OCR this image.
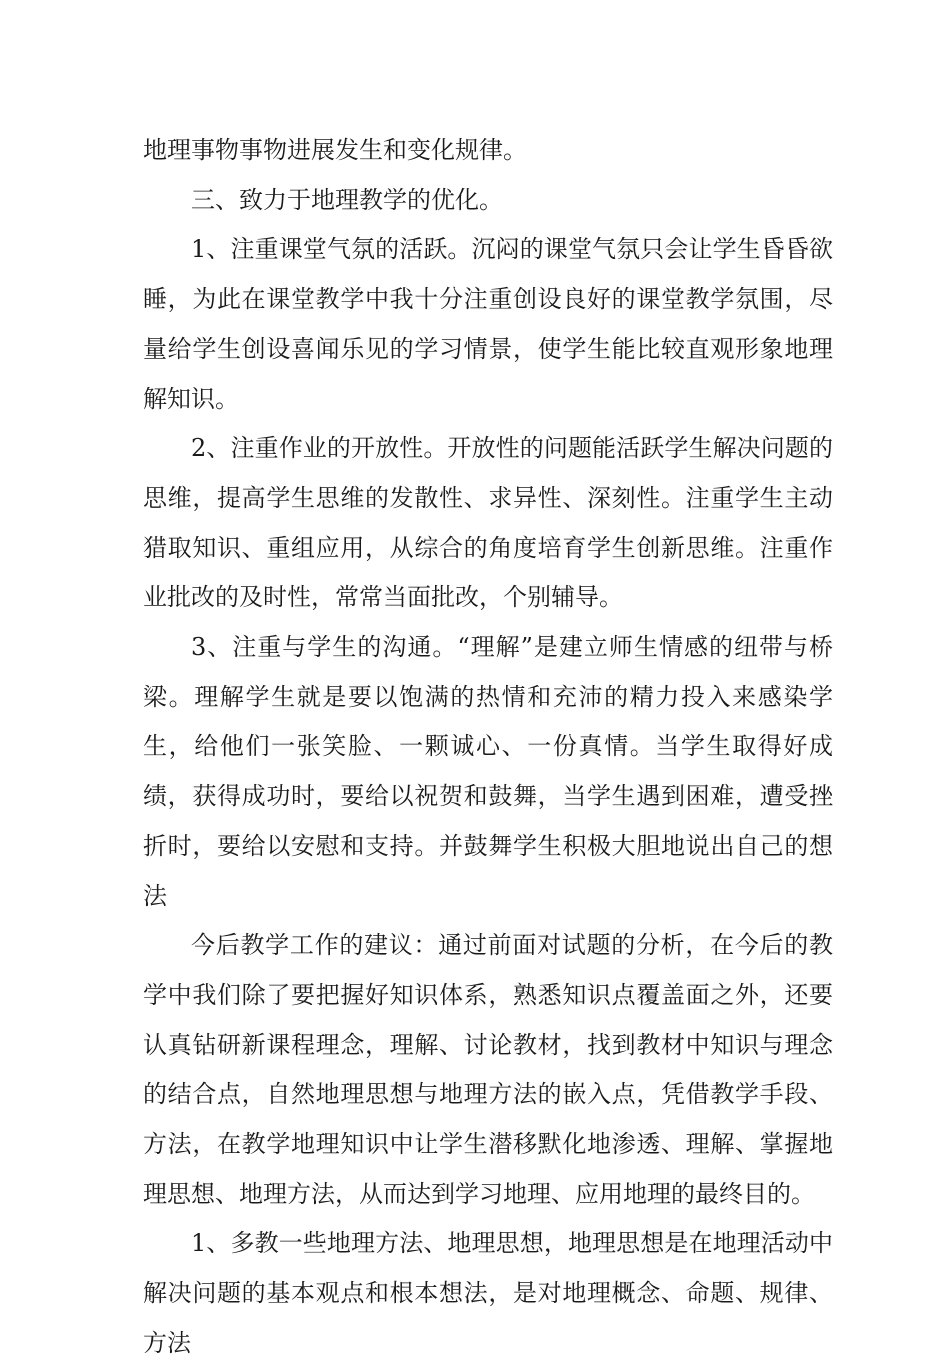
地理事物事物进展发生和变化规律。

三、致力于地理教学的优化。

1、注重课堂气氛的活跃。沉闷的课堂气氛只会让学生昏昏欲睡，为此在课堂教学中我十分注重创设良好的课堂教学氛围，尽量给学生创设喜闻乐见的学习情景，使学生能比较直观形象地理解知识。

2、注重作业的开放性。开放性的问题能活跃学生解决问题的思维，提高学生思维的发散性、求异性、深刻性。注重学生主动猎取知识、重组应用，从综合的角度培育学生创新思维。注重作业批改的及时性，常常当面批改，个别辅导。

3、注重与学生的沟通。“理解”是建立师生情感的纽带与桥梁。理解学生就是要以饱满的热情和充沛的精力投入来感染学生，给他们一张笑脸、一颗诚心、一份真情。当学生取得好成绩，获得成功时，要给以祝贺和鼓舞，当学生遇到困难，遭受挫折时，要给以安慰和支持。并鼓舞学生积极大胆地说出自己的想法

今后教学工作的建议：通过前面对试题的分析，在今后的教学中我们除了要把握好知识体系，熟悉知识点覆盖面之外，还要认真钻研新课程理念，理解、讨论教材，找到教材中知识与理念的结合点，自然地理思想与地理方法的嵌入点，凭借教学手段、方法，在教学地理知识中让学生潜移默化地渗透、理解、掌握地理思想、地理方法，从而达到学习地理、应用地理的最终目的。

1、多教一些地理方法、地理思想，地理思想是在地理活动中解决问题的基本观点和根本想法，是对地理概念、命题、规律、方法
